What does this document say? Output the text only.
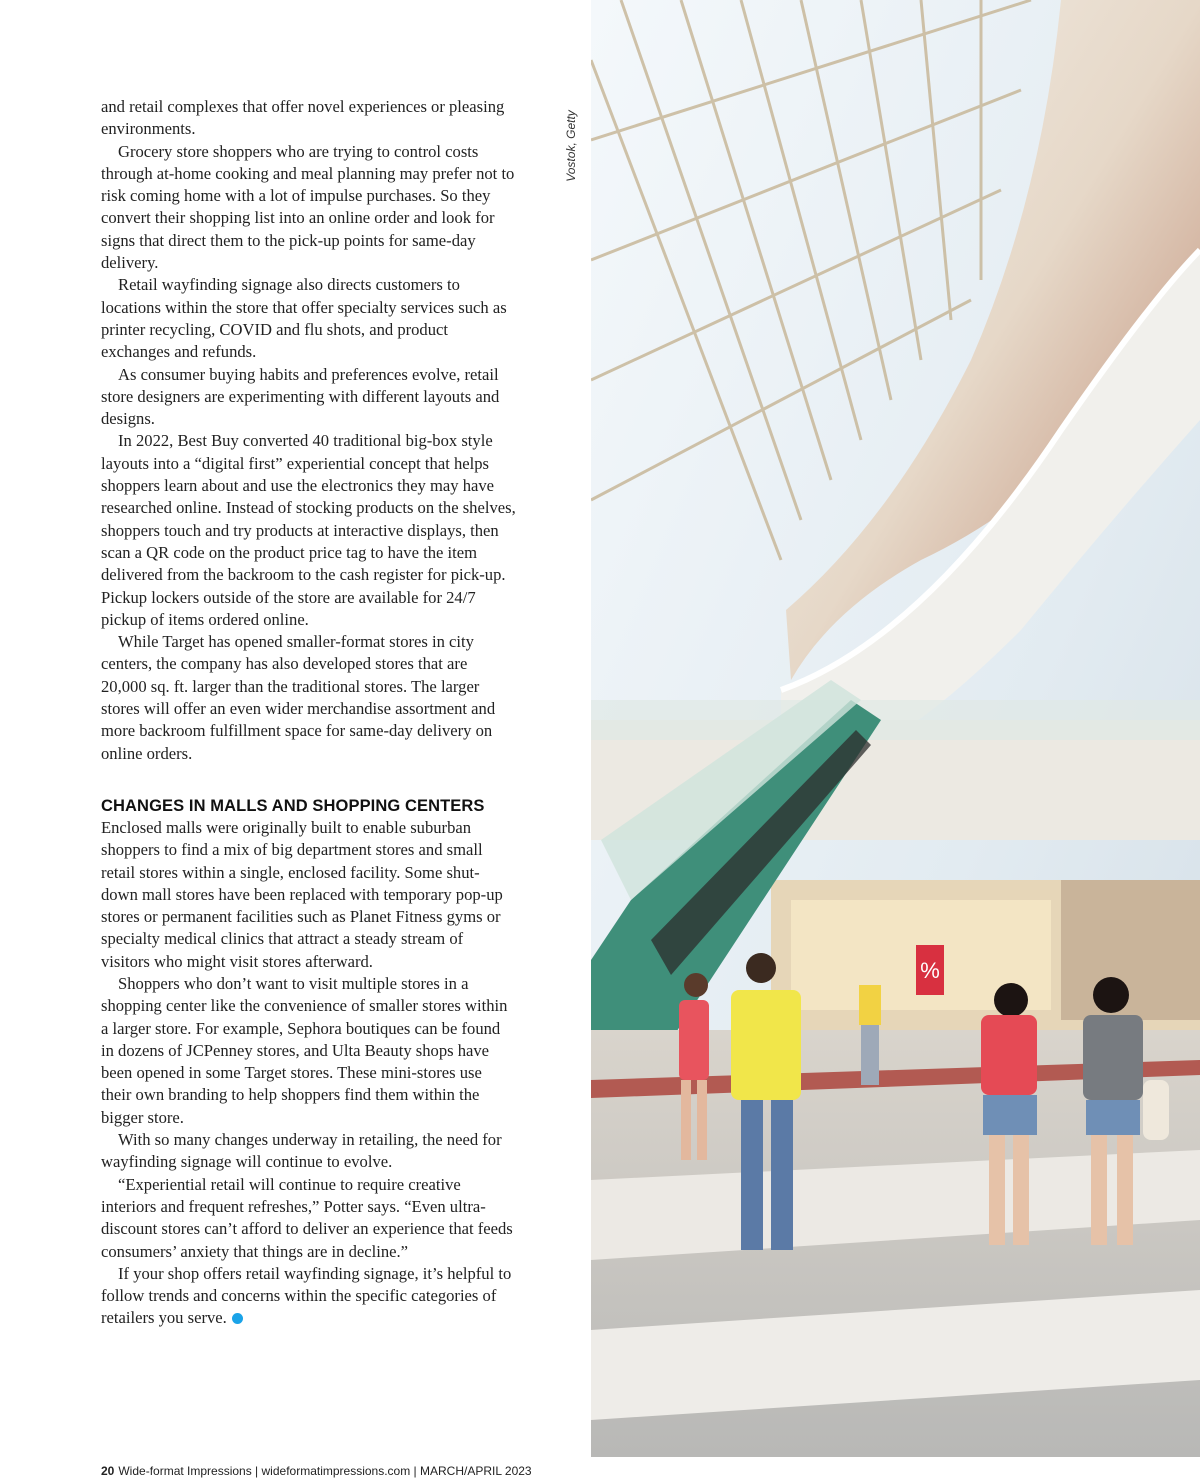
and retail complexes that offer novel experiences or pleasing environments.

Grocery store shoppers who are trying to control costs through at-home cooking and meal planning may prefer not to risk coming home with a lot of impulse purchases. So they convert their shopping list into an online order and look for signs that direct them to the pick-up points for same-day delivery.

Retail wayfinding signage also directs customers to locations within the store that offer specialty services such as printer recycling, COVID and flu shots, and product exchanges and refunds.

As consumer buying habits and preferences evolve, retail store designers are experimenting with different layouts and designs.

In 2022, Best Buy converted 40 traditional big-box style layouts into a “digital first” experiential concept that helps shoppers learn about and use the electronics they may have researched online. Instead of stocking products on the shelves, shoppers touch and try products at interactive displays, then scan a QR code on the product price tag to have the item delivered from the backroom to the cash register for pick-up. Pickup lockers outside of the store are available for 24/7 pickup of items ordered online.

While Target has opened smaller-format stores in city centers, the company has also developed stores that are 20,000 sq. ft. larger than the traditional stores. The larger stores will offer an even wider merchandise assortment and more backroom fulfillment space for same-day delivery on online orders.

CHANGES IN MALLS AND SHOPPING CENTERS

Enclosed malls were originally built to enable suburban shoppers to find a mix of big department stores and small retail stores within a single, enclosed facility. Some shut-down mall stores have been replaced with temporary pop-up stores or permanent facilities such as Planet Fitness gyms or specialty medical clinics that attract a steady stream of visitors who might visit stores afterward.

Shoppers who don’t want to visit multiple stores in a shopping center like the convenience of smaller stores within a larger store. For example, Sephora boutiques can be found in dozens of JCPenney stores, and Ulta Beauty shops have been opened in some Target stores. These mini-stores use their own branding to help shoppers find them within the bigger store.

With so many changes underway in retailing, the need for wayfinding signage will continue to evolve.

“Experiential retail will continue to require creative interiors and frequent refreshes,” Potter says. “Even ultra-discount stores can’t afford to deliver an experience that feeds consumers’ anxiety that things are in decline.”

If your shop offers retail wayfinding signage, it’s helpful to follow trends and concerns within the specific categories of retailers you serve.

Vostok, Getty
20 Wide-format Impressions | wideformatimpressions.com | MARCH/APRIL 2023
%
